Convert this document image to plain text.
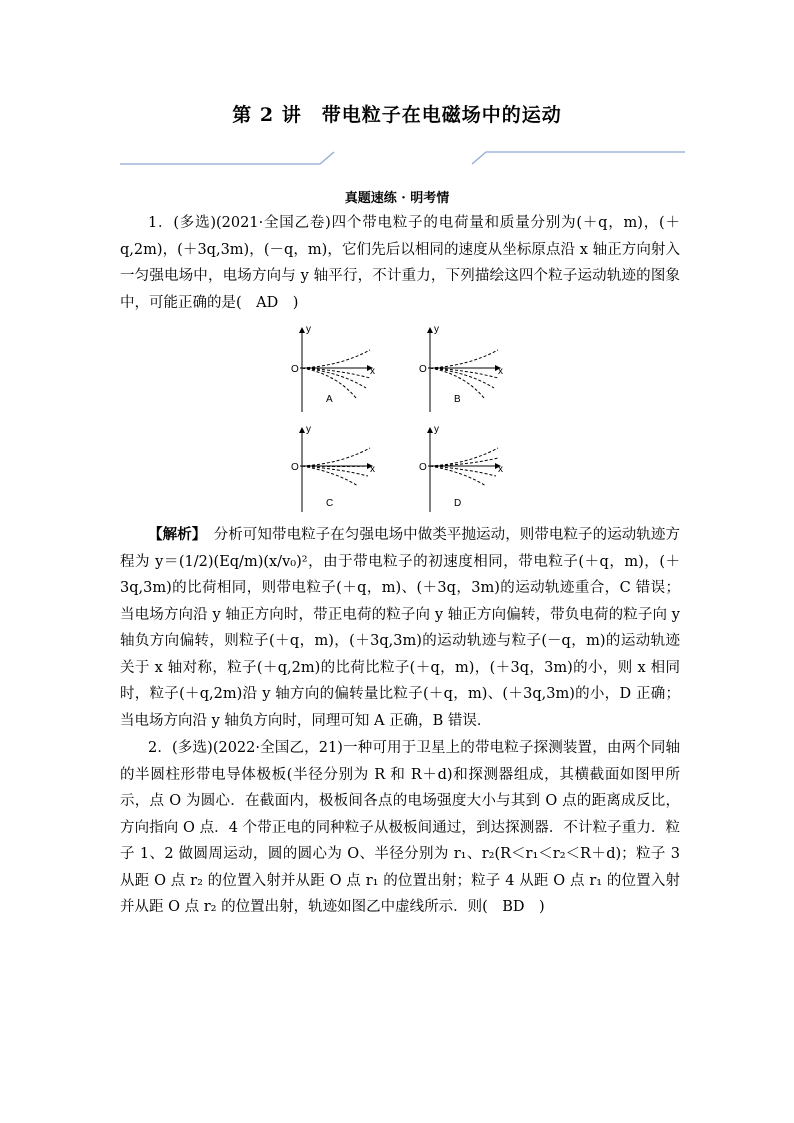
第 2 讲　带电粒子在电磁场中的运动
真题速练 · 明考情
1．(多选)(2021·全国乙卷)四个带电粒子的电荷量和质量分别为(＋q，m)，(＋q,2m)，(＋3q,3m)，(－q，m)，它们先后以相同的速度从坐标原点沿 x 轴正方向射入一匀强电场中，电场方向与 y 轴平行，不计重力，下列描绘这四个粒子运动轨迹的图象中，可能正确的是(　AD　)
y
x
O
A
y
x
O
B
y
x
O
C
y
x
O
D
【解析】　 分析可知带电粒子在匀强电场中做类平抛运动，则带电粒子的运动轨迹方程为 y＝(1/2)(Eq/m)(x/v₀)²，由于带电粒子的初速度相同，带电粒子(＋q，m)，(＋3q,3m)的比荷相同，则带电粒子(＋q，m)、(＋3q，3m)的运动轨迹重合，C 错误；当电场方向沿 y 轴正方向时，带正电荷的粒子向 y 轴正方向偏转，带负电荷的粒子向 y 轴负方向偏转，则粒子(＋q，m)，(＋3q,3m)的运动轨迹与粒子(－q，m)的运动轨迹关于 x 轴对称，粒子(＋q,2m)的比荷比粒子(＋q，m)，(＋3q，3m)的小，则 x 相同时，粒子(＋q,2m)沿 y 轴方向的偏转量比粒子(＋q，m)、(＋3q,3m)的小，D 正确；当电场方向沿 y 轴负方向时，同理可知 A 正确，B 错误．
2．(多选)(2022·全国乙，21)一种可用于卫星上的带电粒子探测装置，由两个同轴的半圆柱形带电导体极板(半径分别为 R 和 R＋d)和探测器组成，其横截面如图甲所示，点 O 为圆心．在截面内，极板间各点的电场强度大小与其到 O 点的距离成反比，方向指向 O 点．4 个带正电的同种粒子从极板间通过，到达探测器．不计粒子重力．粒子 1、2 做圆周运动，圆的圆心为 O、半径分别为 r₁、r₂(R＜r₁＜r₂＜R＋d)；粒子 3 从距 O 点 r₂ 的位置入射并从距 O 点 r₁ 的位置出射；粒子 4 从距 O 点 r₁ 的位置入射并从距 O 点 r₂ 的位置出射，轨迹如图乙中虚线所示．则(　BD　)
